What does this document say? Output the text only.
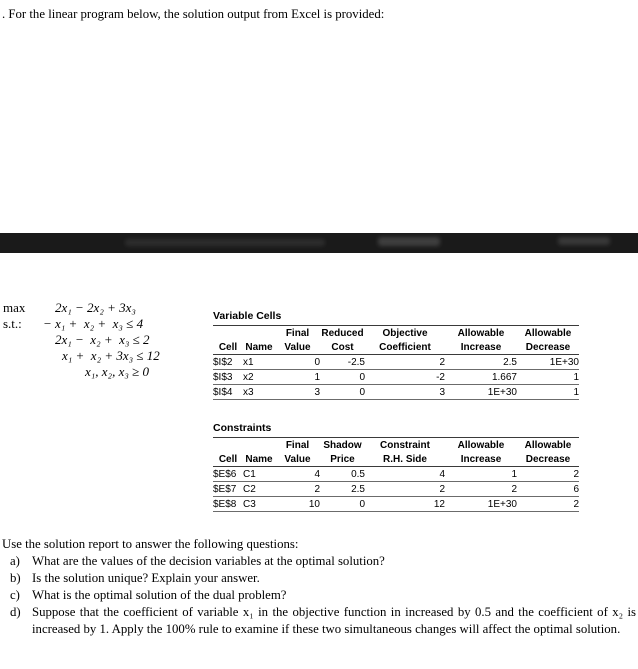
. For the linear program below, the solution output from Excel is provided:
max	2x₁ − 2x₂ + 3x₃
s.t.:	− x₁ +  x₂ +  x₃ ≤ 4
2x₁ −  x₂ +  x₃ ≤ 2
x₁ +  x₂ + 3x₃ ≤ 12
x₁, x₂, x₃ ≥ 0
Variable Cells
		Final	Reduced	Objective	Allowable	Allowable
Cell	Name	Value	Cost	Coefficient	Increase	Decrease
$I$2	x1	0	-2.5	2	2.5	1E+30
$I$3	x2	1	0	-2	1.667	1
$I$4	x3	3	0	3	1E+30	1
Constraints
		Final	Shadow	Constraint	Allowable	Allowable
Cell	Name	Value	Price	R.H. Side	Increase	Decrease
$E$6	C1	4	0.5	4	1	2
$E$7	C2	2	2.5	2	2	6
$E$8	C3	10	0	12	1E+30	2
Use the solution report to answer the following questions:
a) What are the values of the decision variables at the optimal solution?
b) Is the solution unique? Explain your answer.
c) What is the optimal solution of the dual problem?
d) Suppose that the coefficient of variable x₁ in the objective function in increased by 0.5 and the coefficient of x₂ is increased by 1. Apply the 100% rule to examine if these two simultaneous changes will affect the optimal solution.
